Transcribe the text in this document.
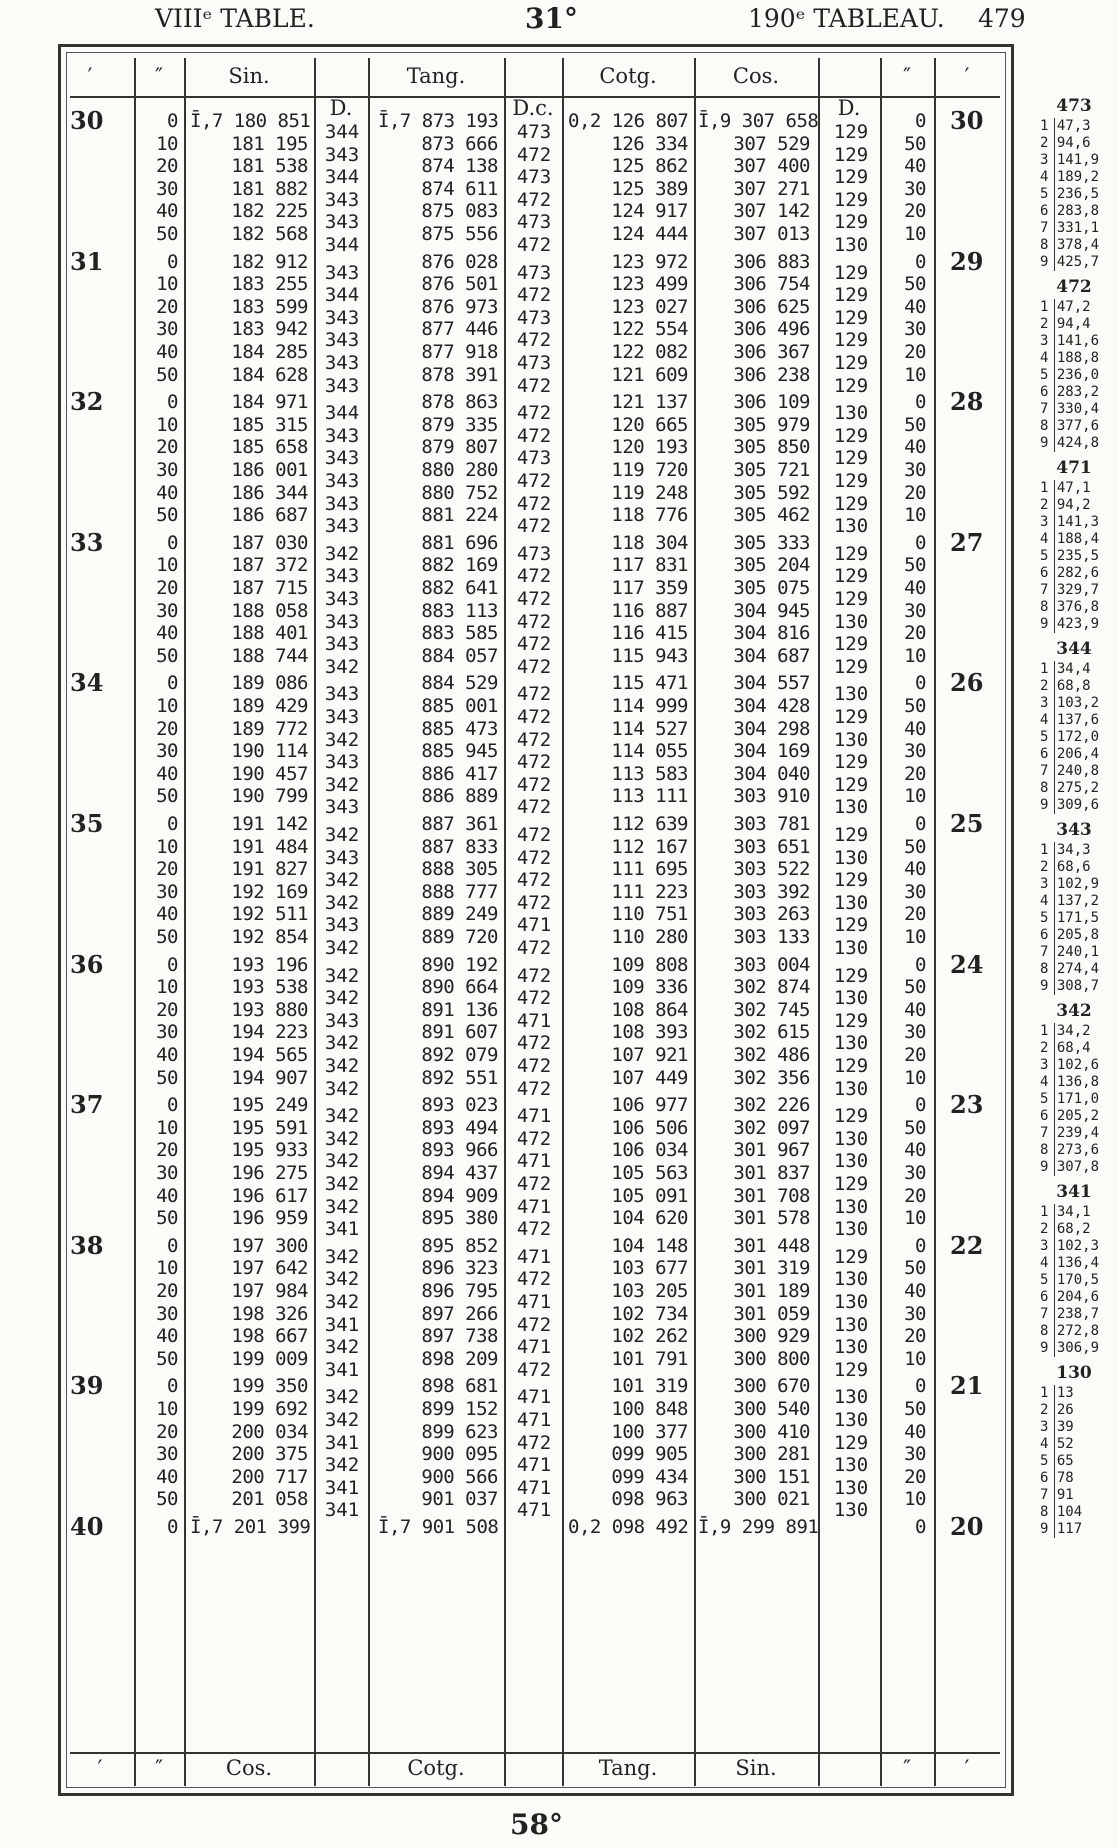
VIIIᵉ TABLE.	31°	190ᵉ TABLEAU. 479
30	0 Ī,7 180 851 344 Ī,7 873 193 473 0,2 126 807 Ī,9 307 658 129	0 30
10	181 195 343	873 666 472	126 334	307 529	129	50
20	181 538 344	874 138 473	125 862	307 400	129	40
30	181 882 343	874 611 472	125 389	307 271	129	30
40	182 225 343	875 083 473	124 917	307 142	129	20
50	182 568 344	875 556 472	124 444	307 013	130	10
31	0	182 912 343	876 028 473	123 972	306 883	129	0 29
10	183 255 344	876 501 472	123 499	306 754	129	50
20	183 599 343	876 973 473	123 027	306 625	129	40
30	183 942 343	877 446 472	122 554	306 496	129	30
40	184 285 343	877 918 473	122 082	306 367	129	20
50	184 628 343	878 391 472	121 609	306 238	129	10
32	0	184 971 344	878 863 472	121 137	306 109	130	0 28
10	185 315 343	879 335 472	120 665	305 979	129	50
20	185 658 343	879 807 473	120 193	305 850	129	40
30	186 001 343	880 280 472	119 720	305 721	129	30
40	186 344 343	880 752 472	119 248	305 592	129	20
50	186 687 343	881 224 472	118 776	305 462	130	10
33	0	187 030 342	881 696 473	118 304	305 333	129	0 27
10	187 372 343	882 169 472	117 831	305 204	129	50
20	187 715 343	882 641 472	117 359	305 075	129	40
30	188 058 343	883 113 472	116 887	304 945	130	30
40	188 401 343	883 585 472	116 415	304 816	129	20
50	188 744 342	884 057 472	115 943	304 687	129	10
34	0	189 086 343	884 529 472	115 471	304 557	130	0 26
10	189 429 343	885 001 472	114 999	304 428	129	50
20	189 772 342	885 473 472	114 527	304 298	130	40
30	190 114 343	885 945 472	114 055	304 169	129	30
40	190 457 342	886 417 472	113 583	304 040	129	20
50	190 799 343	886 889 472	113 111	303 910	130	10
35	0	191 142 342	887 361 472	112 639	303 781	129	0 25
10	191 484 343	887 833 472	112 167	303 651	130	50
20	191 827 342	888 305 472	111 695	303 522	129	40
30	192 169 342	888 777 472	111 223	303 392	130	30
40	192 511 343	889 249 471	110 751	303 263	129	20
50	192 854 342	889 720 472	110 280	303 133	130	10
36	0	193 196 342	890 192 472	109 808	303 004	129	0 24
10	193 538 342	890 664 472	109 336	302 874	130	50
20	193 880 343	891 136 471	108 864	302 745	129	40
30	194 223 342	891 607 472	108 393	302 615	130	30
40	194 565 342	892 079 472	107 921	302 486	129	20
50	194 907 342	892 551 472	107 449	302 356	130	10
37	0	195 249 342	893 023 471	106 977	302 226	129	0 23
10	195 591 342	893 494 472	106 506	302 097	130	50
20	195 933 342	893 966 471	106 034	301 967	130	40
30	196 275 342	894 437 472	105 563	301 837	129	30
40	196 617 342	894 909 471	105 091	301 708	130	20
50	196 959 341	895 380 472	104 620	301 578	130	10
38	0	197 300 342	895 852 471	104 148	301 448	129	0 22
10	197 642 342	896 323 472	103 677	301 319	130	50
20	197 984 342	896 795 471	103 205	301 189	130	40
30	198 326 341	897 266 472	102 734	301 059	130	30
40	198 667 342	897 738 471	102 262	300 929	130	20
50	199 009 341	898 209 472	101 791	300 800	129	10
39	0	199 350 342	898 681 471	101 319	300 670	130	0 21
10	199 692 342	899 152 471	100 848	300 540	130	50
20	200 034 341	899 623 472	100 377	300 410	129	40
30	200 375 342	900 095 471	099 905	300 281	130	30
40	200 717 341	900 566 471	099 434	300 151	130	20
50	201 058 341	901 037 471	098 963	300 021	130	10
40	0 Ī,7 201 399	Ī,7 901 508	0,2 098 492 Ī,9 299 891	0 20
′	″	Sin.
D.
Tang.
D.c.
Cotg.	Cos.
D.
″	′
′	″	Cos.	Cotg.	Tang.	Sin.	″	′
473
1 47,3
2 94,6
3 141,9
4 189,2
5 236,5
6 283,8
7 331,1
8 378,4
9 425,7
472
1 47,2
2 94,4
3 141,6
4 188,8
5 236,0
6 283,2
7 330,4
8 377,6
9 424,8
471
1 47,1
2 94,2
3 141,3
4 188,4
5 235,5
6 282,6
7 329,7
8 376,8
9 423,9
344
1 34,4
2 68,8
3 103,2
4 137,6
5 172,0
6 206,4
7 240,8
8 275,2
9 309,6
343
1 34,3
2 68,6
3 102,9
4 137,2
5 171,5
6 205,8
7 240,1
8 274,4
9 308,7
342
1 34,2
2 68,4
3 102,6
4 136,8
5 171,0
6 205,2
7 239,4
8 273,6
9 307,8
341
1 34,1
2 68,2
3 102,3
4 136,4
5 170,5
6 204,6
7 238,7
8 272,8
9 306,9
130
1 13
2 26
3 39
4 52
5 65
6 78
7 91
8 104
9 117
58°
